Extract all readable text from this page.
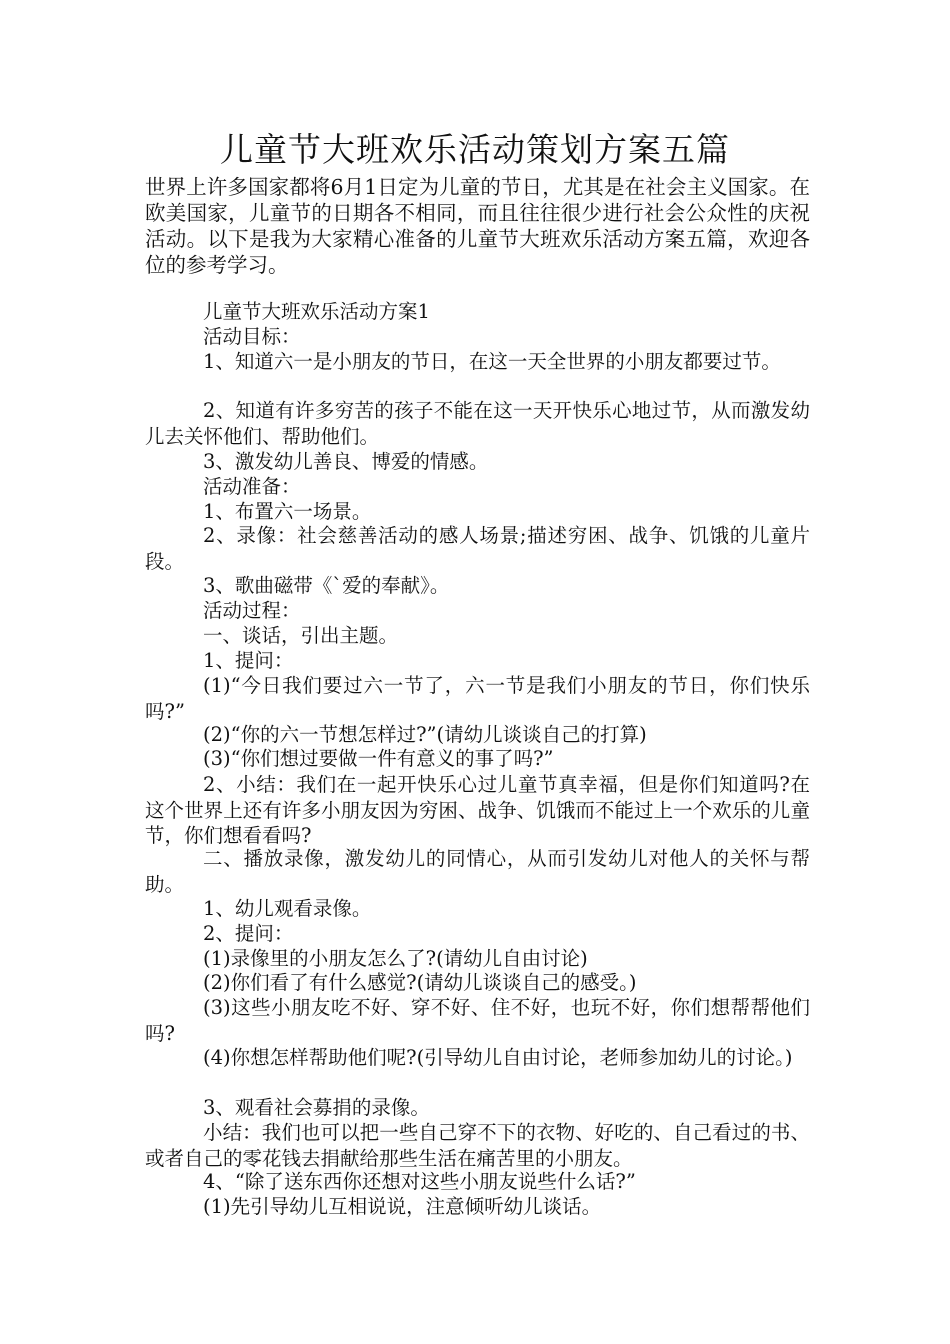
儿童节大班欢乐活动策划方案五篇

世界上许多国家都将6月1日定为儿童的节日，尤其是在社会主义国家。在欧美国家，儿童节的日期各不相同，而且往往很少进行社会公众性的庆祝活动。以下是我为大家精心准备的儿童节大班欢乐活动方案五篇，欢迎各位的参考学习。

儿童节大班欢乐活动方案1

活动目标：

1、知道六一是小朋友的节日，在这一天全世界的小朋友都要过节。

2、知道有许多穷苦的孩子不能在这一天开快乐心地过节，从而激发幼儿去关怀他们、帮助他们。

3、激发幼儿善良、博爱的情感。

活动准备：

1、布置六一场景。

2、录像：社会慈善活动的感人场景;描述穷困、战争、饥饿的儿童片段。

3、歌曲磁带《`爱的奉献》。

活动过程：

一、谈话，引出主题。

1、提问：

(1)“今日我们要过六一节了，六一节是我们小朋友的节日，你们快乐吗?”

(2)“你的六一节想怎样过?”(请幼儿谈谈自己的打算)

(3)“你们想过要做一件有意义的事了吗?”

2、小结：我们在一起开快乐心过儿童节真幸福，但是你们知道吗?在这个世界上还有许多小朋友因为穷困、战争、饥饿而不能过上一个欢乐的儿童节，你们想看看吗?

二、播放录像，激发幼儿的同情心，从而引发幼儿对他人的关怀与帮助。

1、幼儿观看录像。

2、提问：

(1)录像里的小朋友怎么了?(请幼儿自由讨论)

(2)你们看了有什么感觉?(请幼儿谈谈自己的感受。)

(3)这些小朋友吃不好、穿不好、住不好，也玩不好，你们想帮帮他们吗?

(4)你想怎样帮助他们呢?(引导幼儿自由讨论，老师参加幼儿的讨论。)

3、观看社会募捐的录像。

小结：我们也可以把一些自己穿不下的衣物、好吃的、自己看过的书、或者自己的零花钱去捐献给那些生活在痛苦里的小朋友。

4、“除了送东西你还想对这些小朋友说些什么话?”

(1)先引导幼儿互相说说，注意倾听幼儿谈话。
